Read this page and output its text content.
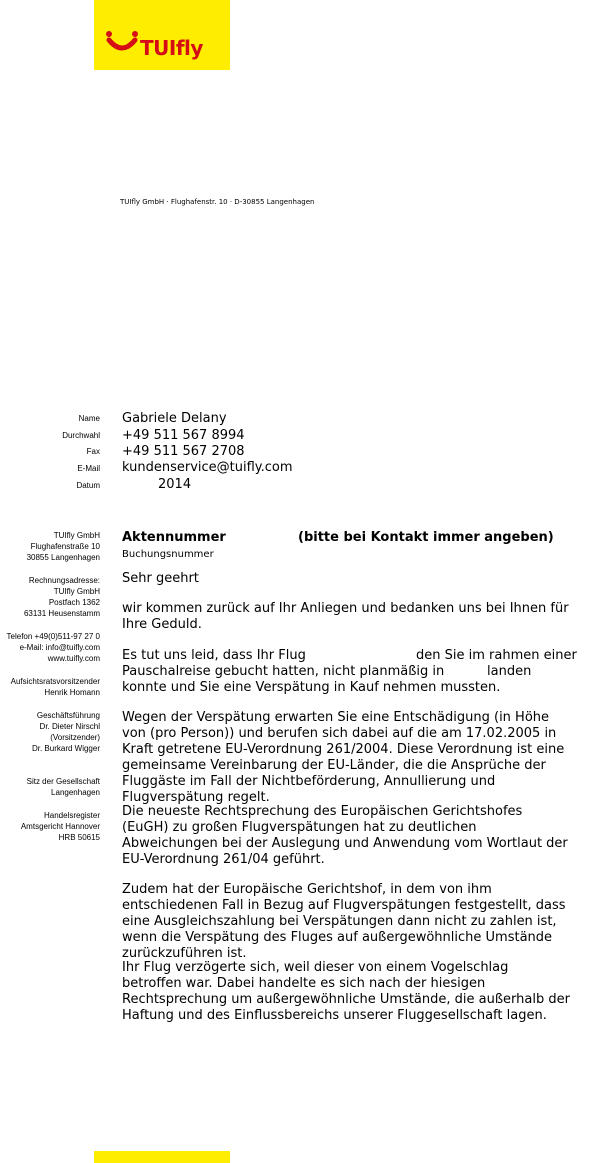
TUIfly
TUIfly GmbH · Flughafenstr. 10 · D-30855 Langenhagen
Name Gabriele Delany
Durchwahl +49 511 567 8994
Fax +49 511 567 2708
E-Mail kundenservice@tuifly.com
Datum	2014
TUIfly GmbH
Flughafenstraße 10
30855 Langenhagen
Rechnungsadresse:
TUIfly GmbH
Postfach 1362
63131 Heusenstamm
Telefon +49(0)511-97 27 0
e-Mail: info@tuifly.com
www.tuifly.com
Aufsichtsratsvorsitzender
Henrik Homann
Geschäftsführung
Dr. Dieter Nirschl
(Vorsitzender)
Dr. Burkard Wigger
Sitz der Gesellschaft
Langenhagen
Handelsregister
Amtsgericht Hannover
HRB 50615
Aktennummer	(bitte bei Kontakt immer angeben)
Buchungsnummer
Sehr geehrt
wir kommen zurück auf Ihr Anliegen und bedanken uns bei Ihnen für Ihre Geduld.
Es tut uns leid, dass Ihr Flug	den Sie im rahmen einer
Pauschalreise gebucht hatten, nicht planmäßig in	landen
konnte und Sie eine Verspätung in Kauf nehmen mussten.
Wegen der Verspätung erwarten Sie eine Entschädigung (in Höhe von (pro Person)) und berufen sich dabei auf die am 17.02.2005 in Kraft getretene EU-Verordnung 261/2004. Diese Verordnung ist eine gemeinsame Vereinbarung der EU-Länder, die die Ansprüche der Fluggäste im Fall der Nichtbeförderung, Annullierung und Flugverspätung regelt.
Die neueste Rechtsprechung des Europäischen Gerichtshofes (EuGH) zu großen Flugverspätungen hat zu deutlichen Abweichungen bei der Auslegung und Anwendung vom Wortlaut der EU-Verordnung 261/04 geführt.
Zudem hat der Europäische Gerichtshof, in dem von ihm entschiedenen Fall in Bezug auf Flugverspätungen festgestellt, dass eine Ausgleichszahlung bei Verspätungen dann nicht zu zahlen ist, wenn die Verspätung des Fluges auf außergewöhnliche Umstände zurückzuführen ist.
Ihr Flug verzögerte sich, weil dieser von einem Vogelschlag betroffen war. Dabei handelte es sich nach der hiesigen Rechtsprechung um außergewöhnliche Umstände, die außerhalb der Haftung und des Einflussbereichs unserer Fluggesellschaft lagen.
